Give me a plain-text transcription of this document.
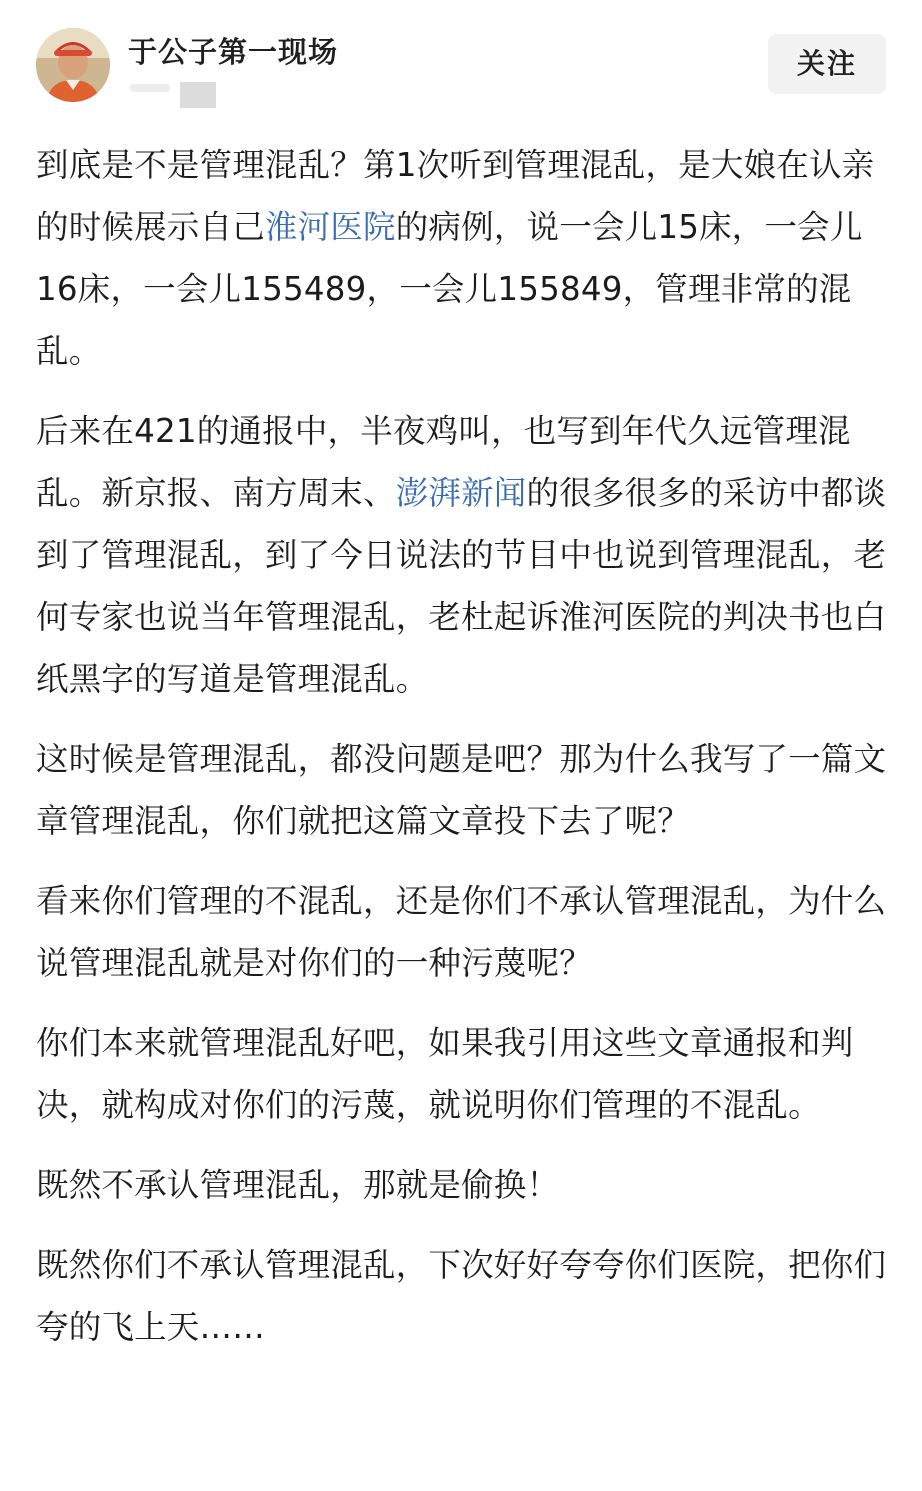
于公子第一现场	关注

到底是不是管理混乱？第1次听到管理混乱，是大娘在认亲的时候展示自己淮河医院的病例，说一会儿15床，一会儿16床，一会儿155489，一会儿155849，管理非常的混乱。

后来在421的通报中，半夜鸡叫，也写到年代久远管理混乱。新京报、南方周末、澎湃新闻的很多很多的采访中都谈到了管理混乱，到了今日说法的节目中也说到管理混乱，老何专家也说当年管理混乱，老杜起诉淮河医院的判决书也白纸黑字的写道是管理混乱。

这时候是管理混乱，都没问题是吧？那为什么我写了一篇文章管理混乱，你们就把这篇文章投下去了呢？

看来你们管理的不混乱，还是你们不承认管理混乱，为什么说管理混乱就是对你们的一种污蔑呢？

你们本来就管理混乱好吧，如果我引用这些文章通报和判决，就构成对你们的污蔑，就说明你们管理的不混乱。

既然不承认管理混乱，那就是偷换！

既然你们不承认管理混乱，下次好好夸夸你们医院，把你们夸的飞上天……
